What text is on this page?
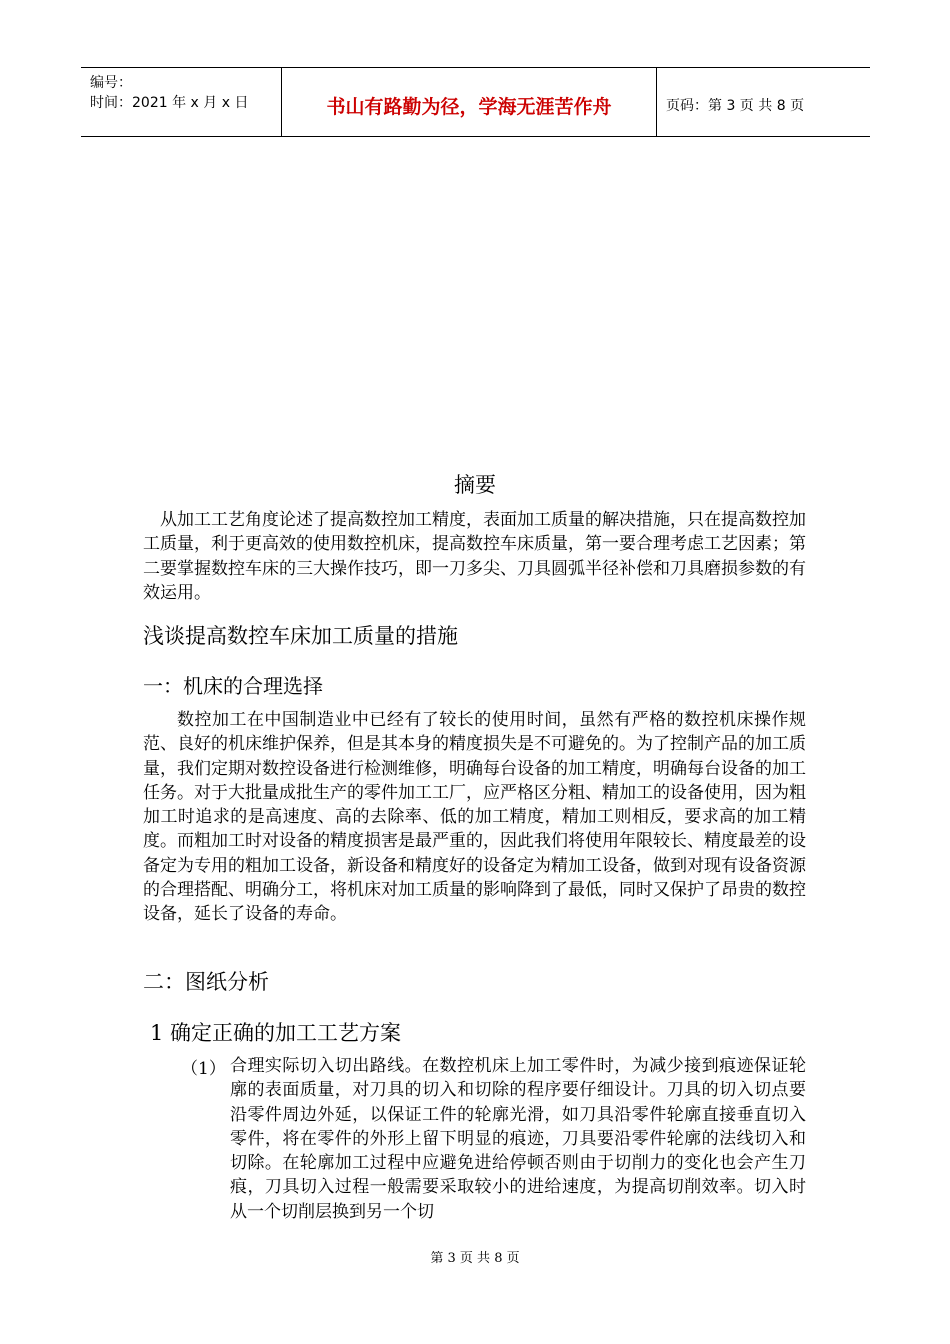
编号：
时间：2021 年 x 月 x 日	书山有路勤为径，学海无涯苦作舟	页码：第 3 页 共 8 页
摘要

从加工工艺角度论述了提高数控加工精度，表面加工质量的解决措施，只在提高数控加工质量，利于更高效的使用数控机床，提高数控车床质量，第一要合理考虑工艺因素；第二要掌握数控车床的三大操作技巧，即一刀多尖、刀具圆弧半径补偿和刀具磨损参数的有效运用。

浅谈提高数控车床加工质量的措施
一：机床的合理选择

数控加工在中国制造业中已经有了较长的使用时间，虽然有严格的数控机床操作规范、良好的机床维护保养，但是其本身的精度损失是不可避免的。为了控制产品的加工质量，我们定期对数控设备进行检测维修，明确每台设备的加工精度，明确每台设备的加工任务。对于大批量成批生产的零件加工工厂，应严格区分粗、精加工的设备使用，因为粗加工时追求的是高速度、高的去除率、低的加工精度，精加工则相反，要求高的加工精度。而粗加工时对设备的精度损害是最严重的，因此我们将使用年限较长、精度最差的设备定为专用的粗加工设备，新设备和精度好的设备定为精加工设备，做到对现有设备资源的合理搭配、明确分工，将机床对加工质量的影响降到了最低，同时又保护了昂贵的数控设备，延长了设备的寿命。

二：图纸分析
1 确定正确的加工工艺方案
（1） 合理实际切入切出路线。在数控机床上加工零件时，为减少接到痕迹保证轮廓的表面质量，对刀具的切入和切除的程序要仔细设计。刀具的切入切点要沿零件周边外延，以保证工件的轮廓光滑，如刀具沿零件轮廓直接垂直切入零件，将在零件的外形上留下明显的痕迹，刀具要沿零件轮廓的法线切入和切除。在轮廓加工过程中应避免进给停顿否则由于切削力的变化也会产生刀痕，刀具切入过程一般需要采取较小的进给速度，为提高切削效率。切入时从一个切削层换到另一个切

第 3 页 共 8 页
